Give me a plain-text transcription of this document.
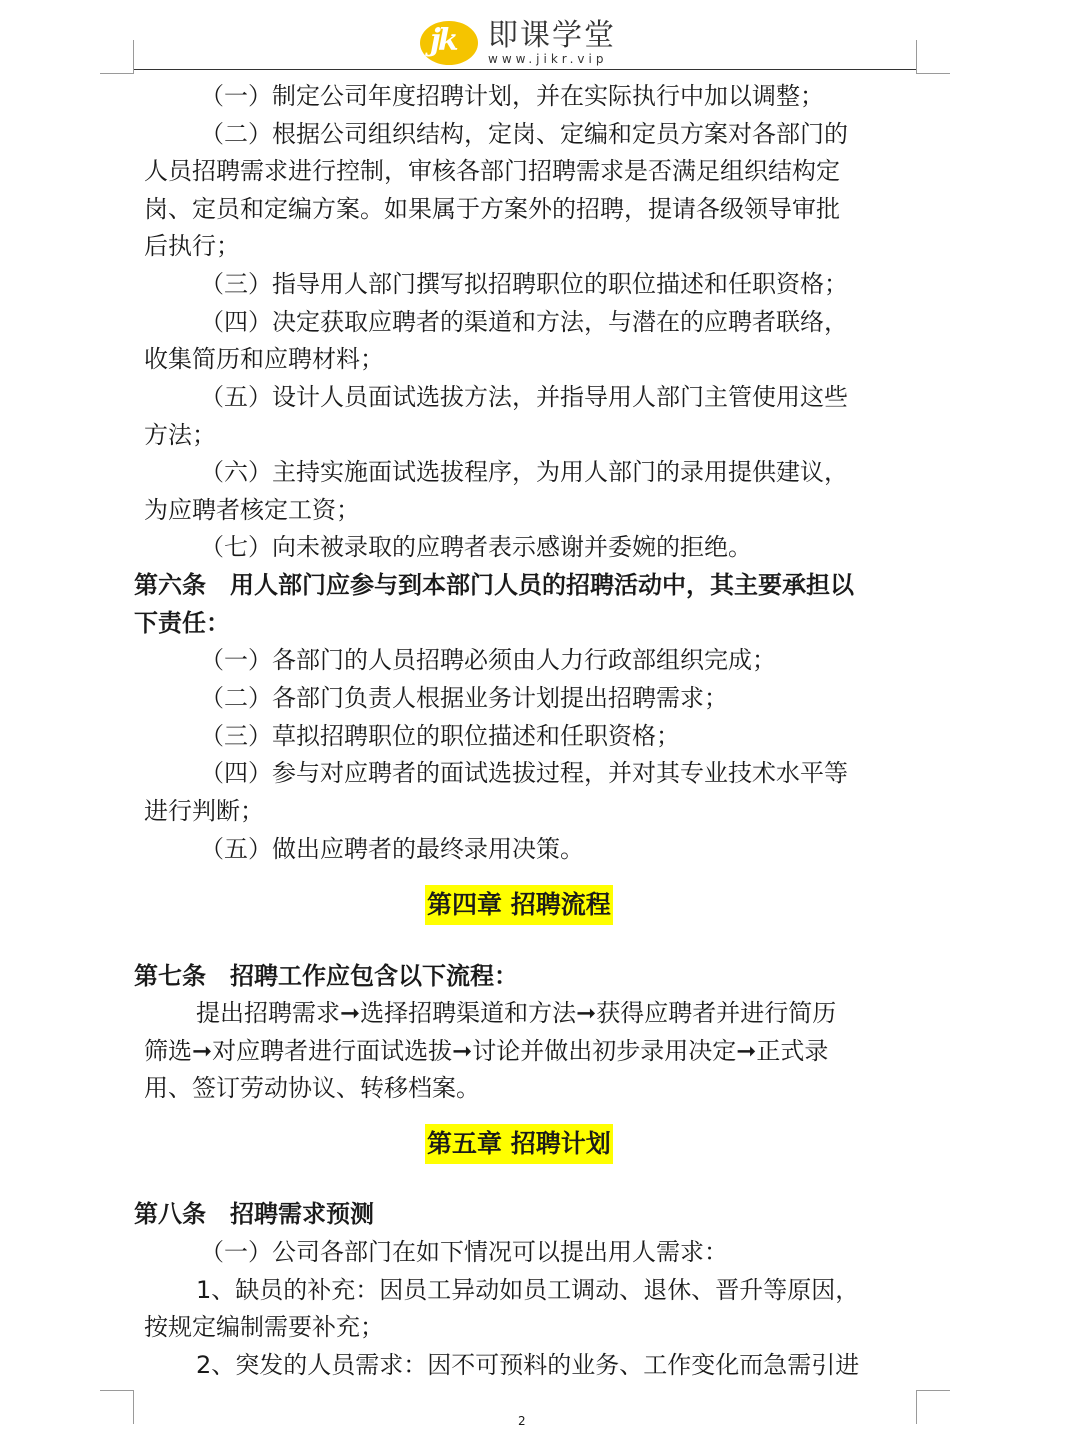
jk 即课学堂
www.jikr.vip
（一）制定公司年度招聘计划，并在实际执行中加以调整；
（二）根据公司组织结构，定岗、定编和定员方案对各部门的
人员招聘需求进行控制，审核各部门招聘需求是否满足组织结构定
岗、定员和定编方案。如果属于方案外的招聘，提请各级领导审批
后执行；
（三）指导用人部门撰写拟招聘职位的职位描述和任职资格；
（四）决定获取应聘者的渠道和方法，与潜在的应聘者联络，
收集简历和应聘材料；
（五）设计人员面试选拔方法，并指导用人部门主管使用这些
方法；
（六）主持实施面试选拔程序，为用人部门的录用提供建议，
为应聘者核定工资；
（七）向未被录取的应聘者表示感谢并委婉的拒绝。
第六条　用人部门应参与到本部门人员的招聘活动中，其主要承担以
下责任：
（一）各部门的人员招聘必须由人力行政部组织完成；
（二）各部门负责人根据业务计划提出招聘需求；
（三）草拟招聘职位的职位描述和任职资格；
（四）参与对应聘者的面试选拔过程，并对其专业技术水平等
进行判断；
（五）做出应聘者的最终录用决策。
第四章 招聘流程
第七条　招聘工作应包含以下流程：
提出招聘需求➞选择招聘渠道和方法➞获得应聘者并进行简历
筛选➞对应聘者进行面试选拔➞讨论并做出初步录用决定➞正式录
用、签订劳动协议、转移档案。
第五章 招聘计划
第八条　招聘需求预测
（一）公司各部门在如下情况可以提出用人需求：
1、缺员的补充：因员工异动如员工调动、退休、晋升等原因，
按规定编制需要补充；
2、突发的人员需求：因不可预料的业务、工作变化而急需引进
2
